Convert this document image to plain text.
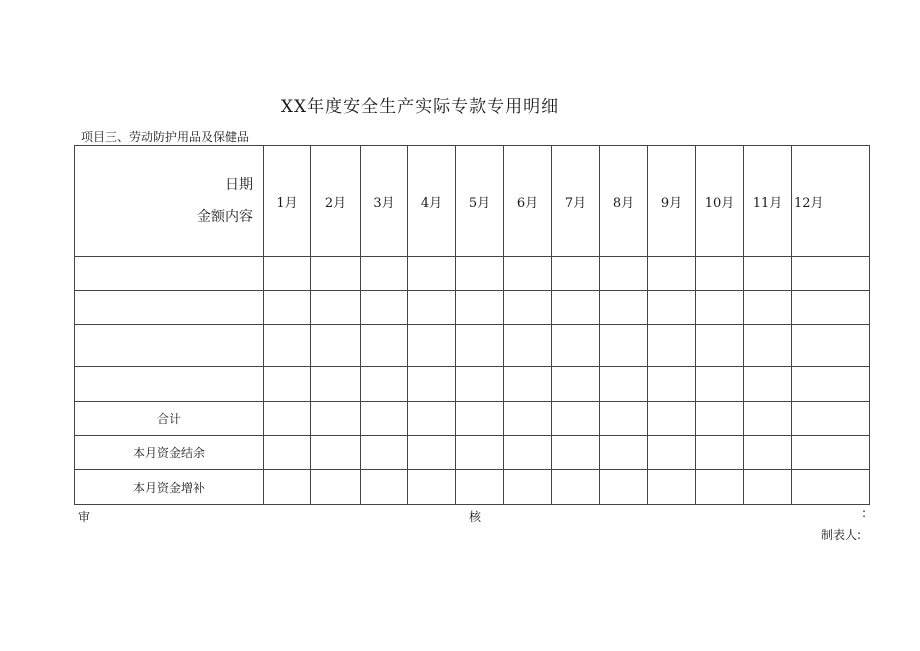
XX年度安全生产实际专款专用明细
项目三、劳动防护用品及保健品
日期
金额内容	1月	2月	3月	4月	5月	6月	7月	8月	9月	10月	11月	12月

合计												
本月资金结余												
本月资金增补												
审	核	:
制表人:
